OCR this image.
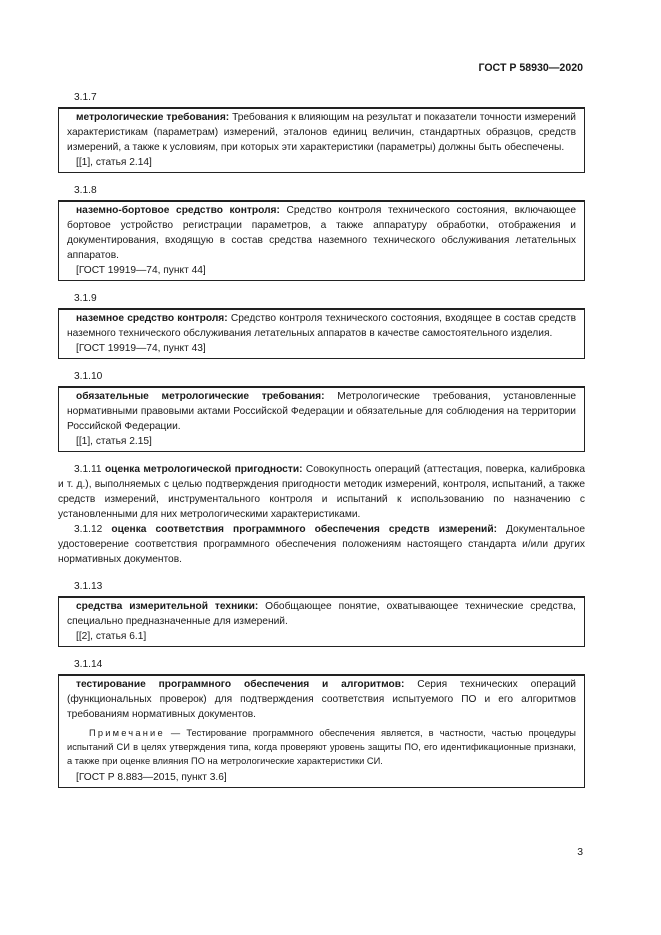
ГОСТ Р 58930—2020
3.1.7

метрологические требования: Требования к влияющим на результат и показатели точности измерений характеристикам (параметрам) измерений, эталонов единиц величин, стандартных образцов, средств измерений, а также к условиям, при которых эти характеристики (параметры) должны быть обеспечены.

[[1], статья 2.14]

3.1.8

наземно-бортовое средство контроля: Средство контроля технического состояния, включающее бортовое устройство регистрации параметров, а также аппаратуру обработки, отображения и документирования, входящую в состав средства наземного технического обслуживания летательных аппаратов.

[ГОСТ 19919—74, пункт 44]

3.1.9

наземное средство контроля: Средство контроля технического состояния, входящее в состав средств наземного технического обслуживания летательных аппаратов в качестве самостоятельного изделия.

[ГОСТ 19919—74, пункт 43]

3.1.10

обязательные метрологические требования: Метрологические требования, установленные нормативными правовыми актами Российской Федерации и обязательные для соблюдения на территории Российской Федерации.

[[1], статья 2.15]

3.1.11 оценка метрологической пригодности: Совокупность операций (аттестация, поверка, калибровка и т. д.), выполняемых с целью подтверждения пригодности методик измерений, контроля, испытаний, а также средств измерений, инструментального контроля и испытаний к использованию по назначению с установленными для них метрологическими характеристиками.

3.1.12 оценка соответствия программного обеспечения средств измерений: Документальное удостоверение соответствия программного обеспечения положениям настоящего стандарта и/или других нормативных документов.

3.1.13

средства измерительной техники: Обобщающее понятие, охватывающее технические средства, специально предназначенные для измерений.

[[2], статья 6.1]

3.1.14

тестирование программного обеспечения и алгоритмов: Серия технических операций (функциональных проверок) для подтверждения соответствия испытуемого ПО и его алгоритмов требованиям нормативных документов.

Примечание — Тестирование программного обеспечения является, в частности, частью процедуры испытаний СИ в целях утверждения типа, когда проверяют уровень защиты ПО, его идентификационные признаки, а также при оценке влияния ПО на метрологические характеристики СИ.

[ГОСТ Р 8.883—2015, пункт 3.6]

3
